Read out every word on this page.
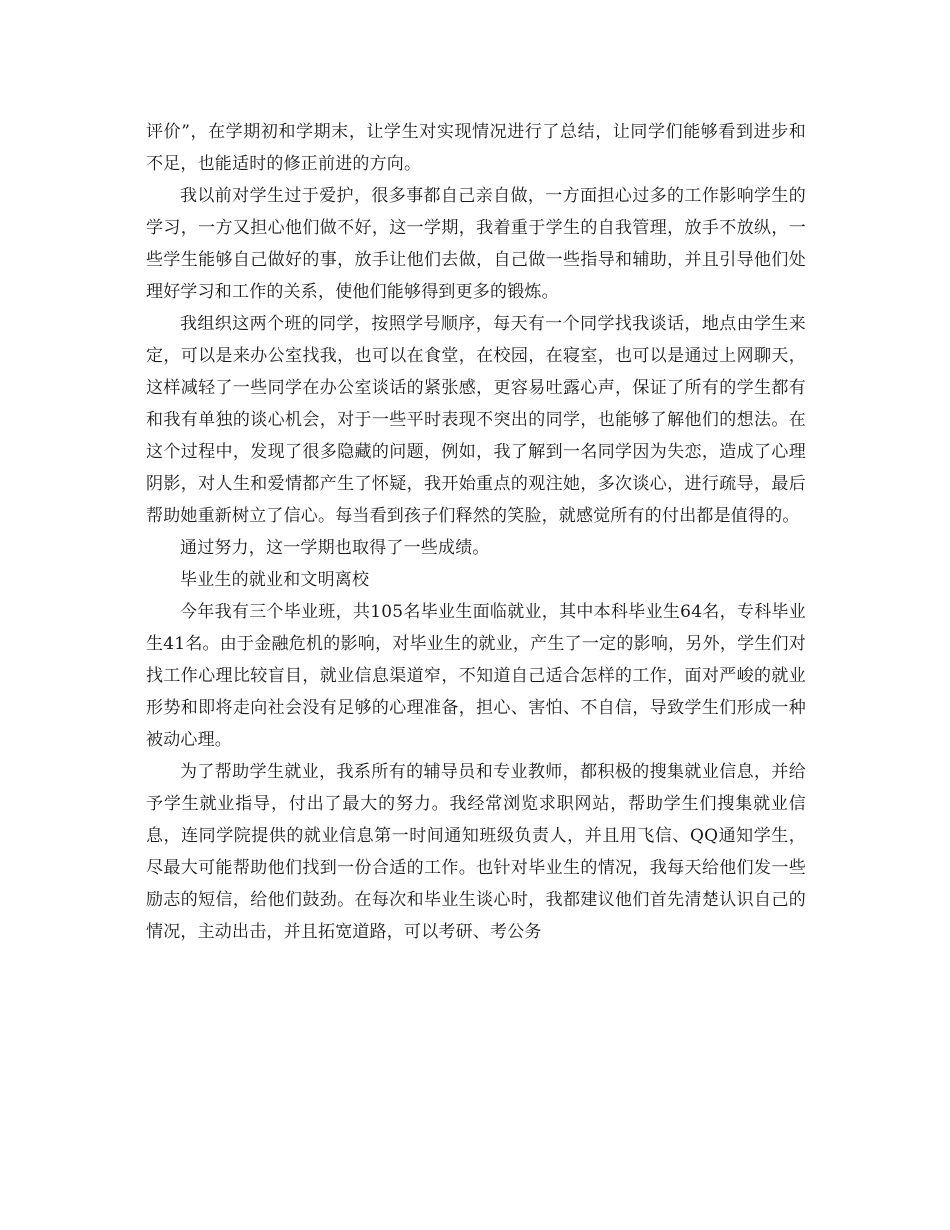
评价”，在学期初和学期末，让学生对实现情况进行了总结，让同学们能够看到进步和不足，也能适时的修正前进的方向。

我以前对学生过于爱护，很多事都自己亲自做，一方面担心过多的工作影响学生的学习，一方又担心他们做不好，这一学期，我着重于学生的自我管理，放手不放纵，一些学生能够自己做好的事，放手让他们去做，自己做一些指导和辅助，并且引导他们处理好学习和工作的关系，使他们能够得到更多的锻炼。

我组织这两个班的同学，按照学号顺序，每天有一个同学找我谈话，地点由学生来定，可以是来办公室找我，也可以在食堂，在校园，在寝室，也可以是通过上网聊天，这样减轻了一些同学在办公室谈话的紧张感，更容易吐露心声，保证了所有的学生都有和我有单独的谈心机会，对于一些平时表现不突出的同学，也能够了解他们的想法。在这个过程中，发现了很多隐藏的问题，例如，我了解到一名同学因为失恋，造成了心理阴影，对人生和爱情都产生了怀疑，我开始重点的观注她，多次谈心，进行疏导，最后帮助她重新树立了信心。每当看到孩子们释然的笑脸，就感觉所有的付出都是值得的。

通过努力，这一学期也取得了一些成绩。

毕业生的就业和文明离校

今年我有三个毕业班，共105名毕业生面临就业，其中本科毕业生64名，专科毕业生41名。由于金融危机的影响，对毕业生的就业，产生了一定的影响，另外，学生们对找工作心理比较盲目，就业信息渠道窄，不知道自己适合怎样的工作，面对严峻的就业形势和即将走向社会没有足够的心理准备，担心、害怕、不自信，导致学生们形成一种被动心理。

为了帮助学生就业，我系所有的辅导员和专业教师，都积极的搜集就业信息，并给予学生就业指导，付出了最大的努力。我经常浏览求职网站，帮助学生们搜集就业信息，连同学院提供的就业信息第一时间通知班级负责人，并且用飞信、QQ通知学生，尽最大可能帮助他们找到一份合适的工作。也针对毕业生的情况，我每天给他们发一些励志的短信，给他们鼓劲。在每次和毕业生谈心时，我都建议他们首先清楚认识自己的情况，主动出击，并且拓宽道路，可以考研、考公务
